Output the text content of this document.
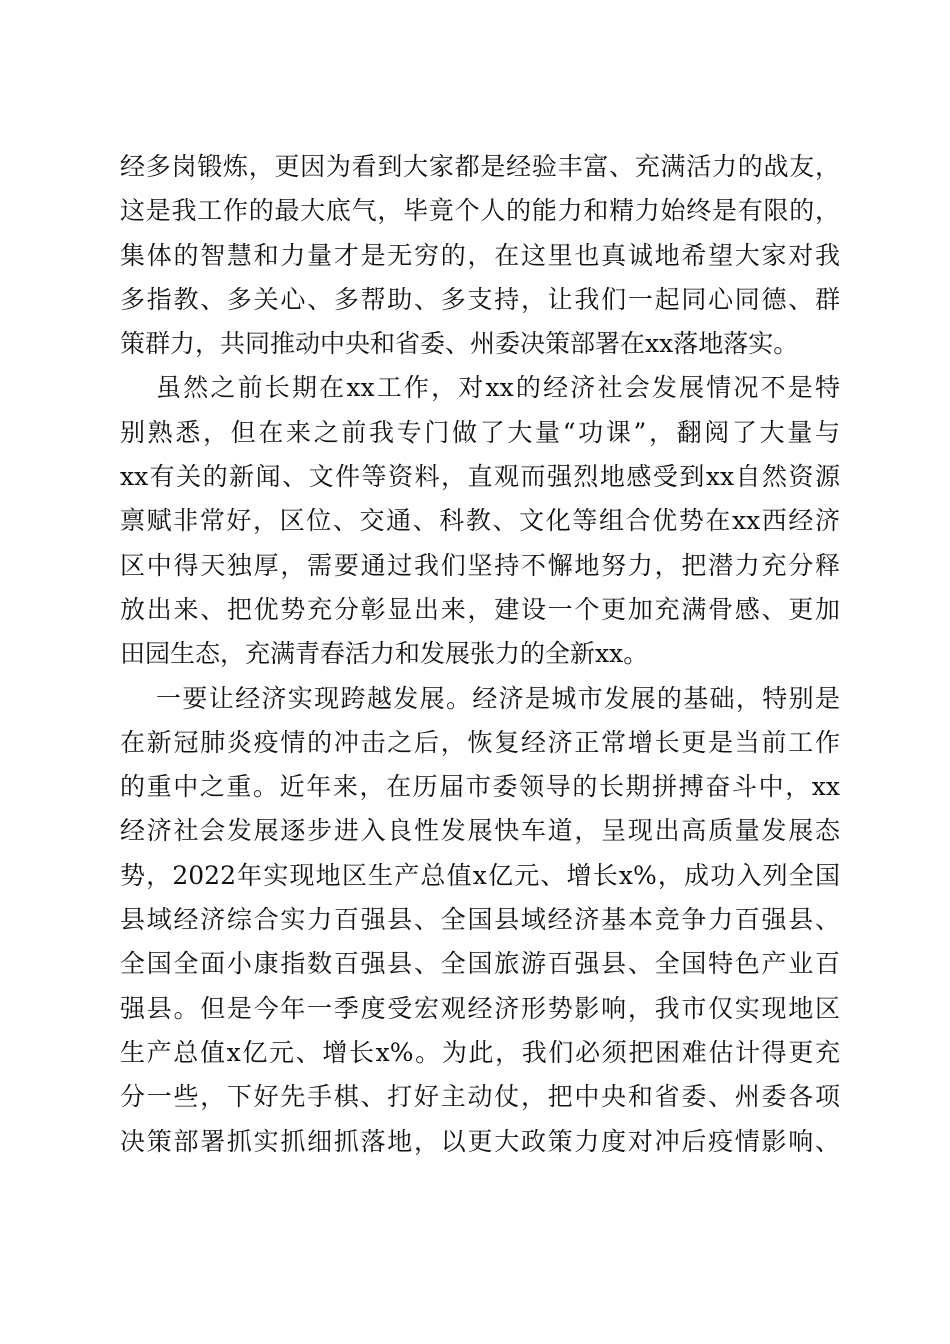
经多岗锻炼，更因为看到大家都是经验丰富、充满活力的战友，
这是我工作的最大底气，毕竟个人的能力和精力始终是有限的，
集体的智慧和力量才是无穷的，在这里也真诚地希望大家对我
多指教、多关心、多帮助、多支持，让我们一起同心同德、群
策群力，共同推动中央和省委、州委决策部署在xx落地落实。
虽然之前长期在xx工作，对xx的经济社会发展情况不是特
别熟悉，但在来之前我专门做了大量“功课”，翻阅了大量与
xx有关的新闻、文件等资料，直观而强烈地感受到xx自然资源
禀赋非常好，区位、交通、科教、文化等组合优势在xx西经济
区中得天独厚，需要通过我们坚持不懈地努力，把潜力充分释
放出来、把优势充分彰显出来，建设一个更加充满骨感、更加
田园生态，充满青春活力和发展张力的全新xx。
一要让经济实现跨越发展。经济是城市发展的基础，特别是
在新冠肺炎疫情的冲击之后，恢复经济正常增长更是当前工作
的重中之重。近年来，在历届市委领导的长期拼搏奋斗中，xx
经济社会发展逐步进入良性发展快车道，呈现出高质量发展态
势，2022年实现地区生产总值x亿元、增长x%，成功入列全国
县域经济综合实力百强县、全国县域经济基本竞争力百强县、
全国全面小康指数百强县、全国旅游百强县、全国特色产业百
强县。但是今年一季度受宏观经济形势影响，我市仅实现地区
生产总值x亿元、增长x%。为此，我们必须把困难估计得更充
分一些，下好先手棋、打好主动仗，把中央和省委、州委各项
决策部署抓实抓细抓落地，以更大政策力度对冲后疫情影响、
